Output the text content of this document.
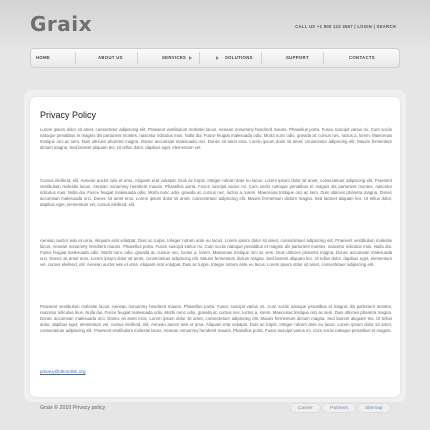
Graix	CALL US +1 800 123 4567 | LOGIN | SEARCH
HOME	ABOUT US	SERVICES	SOLUTIONS	SUPPORT	CONTACTS
Privacy Policy

Lorem ipsum dolor sit amet, consectetur adipiscing elit. Praesent vestibulum molestie lacus. Aenean nonummy hendrerit mauris. Phasellus porta. Fusce suscipit varius mi. Cum sociis natoque penatibus et magnis dis parturient montes, nascetur ridiculus mus. Nulla dui. Fusce feugiat malesuada odio. Morbi nunc odio, gravida at, cursus nec, luctus a, lorem. Maecenas tristique orci ac sem. Duis ultricies pharetra magna. Donec accumsan malesuada orci. Donec sit amet eros. Lorem ipsum dolor sit amet, consectetur adipiscing elit. Mauris fermentum dictum magna. Sed laoreet aliquam leo. Ut tellus dolor, dapibus eget, elementum vel.

Cursus eleifend, elit. Aenean auctor wisi et urna. Aliquam erat volutpat. Duis ac turpis. Integer rutrum ante eu lacus. Lorem ipsum dolor sit amet, consectetuer adipiscing elit. Praesent vestibulum molestie lacus. Aenean nonummy hendrerit mauris. Phasellus porta. Fusce suscipit varius mi. Cum sociis natoque penatibus et magnis dis parturient montes, nascetur ridiculus mus. Nulla dui. Fusce feugiat malesuada odio. Morbi nunc odio, gravida at, cursus nec, luctus a, lorem. Maecenas tristique orci ac sem. Duis ultricies pharetra magna. Donec accumsan malesuada orci. Donec sit amet eros. Lorem ipsum dolor sit amet, consectetuer adipiscing elit. Mauris fermentum dictum magna. Sed laoreet aliquam leo. Ut tellus dolor, dapibus eget, elementum vel, cursus eleifend, elit.

Aenean auctor wisi et urna. Aliquam erat volutpat. Duis ac turpis. Integer rutrum ante eu lacus. Lorem ipsum dolor sit amet, consectetuer adipiscing elit. Praesent vestibulum molestie lacus. Aenean nonummy hendrerit mauris. Phasellus porta. Fusce suscipit varius mi. Cum sociis natoque penatibus et magnis dis parturient montes, nascetur ridiculus mus. Nulla dui. Fusce feugiat malesuada odio. Morbi nunc odio, gravida at, cursus nec, luctus a, lorem. Maecenas tristique orci ac sem. Duis ultricies pharetra magna. Donec accumsan malesuada orci. Donec sit amet eros. Lorem ipsum dolor sit amet, consectetuer adipiscing elit. Mauris fermentum dictum magna. Sed laoreet aliquam leo. Ut tellus dolor, dapibus eget, elementum vel, cursus eleifend, elit. Aenean auctor wisi et urna. Aliquam erat volutpat. Duis ac turpis. Integer rutrum ante eu lacus. Lorem ipsum dolor sit amet, consectetuer adipiscing elit.

Praesent vestibulum molestie lacus. Aenean nonummy hendrerit mauris. Phasellus porta. Fusce suscipit varius mi. Cum sociis natoque penatibus et magnis dis parturient montes, nascetur ridiculus mus. Nulla dui. Fusce feugiat malesuada odio. Morbi nunc odio, gravida at, cursus nec, luctus a, lorem. Maecenas tristique orci ac sem. Duis ultricies pharetra magna. Donec accumsan malesuada orci. Donec sit amet eros. Lorem ipsum dolor sit amet, consectetuer adipiscing elit. Mauris fermentum dictum magna. Sed laoreet aliquam leo. Ut tellus dolor, dapibus eget, elementum vel, cursus eleifend, elit. Aenean auctor wisi et urna. Aliquam erat volutpat. Duis ac turpis. Integer rutrum ante eu lacus. Lorem ipsum dolor sit amet, consectetuer adipiscing elit. Praesent vestibulum molestie lacus. Aenean nonummy hendrerit mauris. Phasellus porta. Fusce suscipit varius mi. Cum sociis natoque penatibus et magnis.

privacy@demolink.org
Graix © 2010 Privacy policy	Career	Partners	Sitemap
